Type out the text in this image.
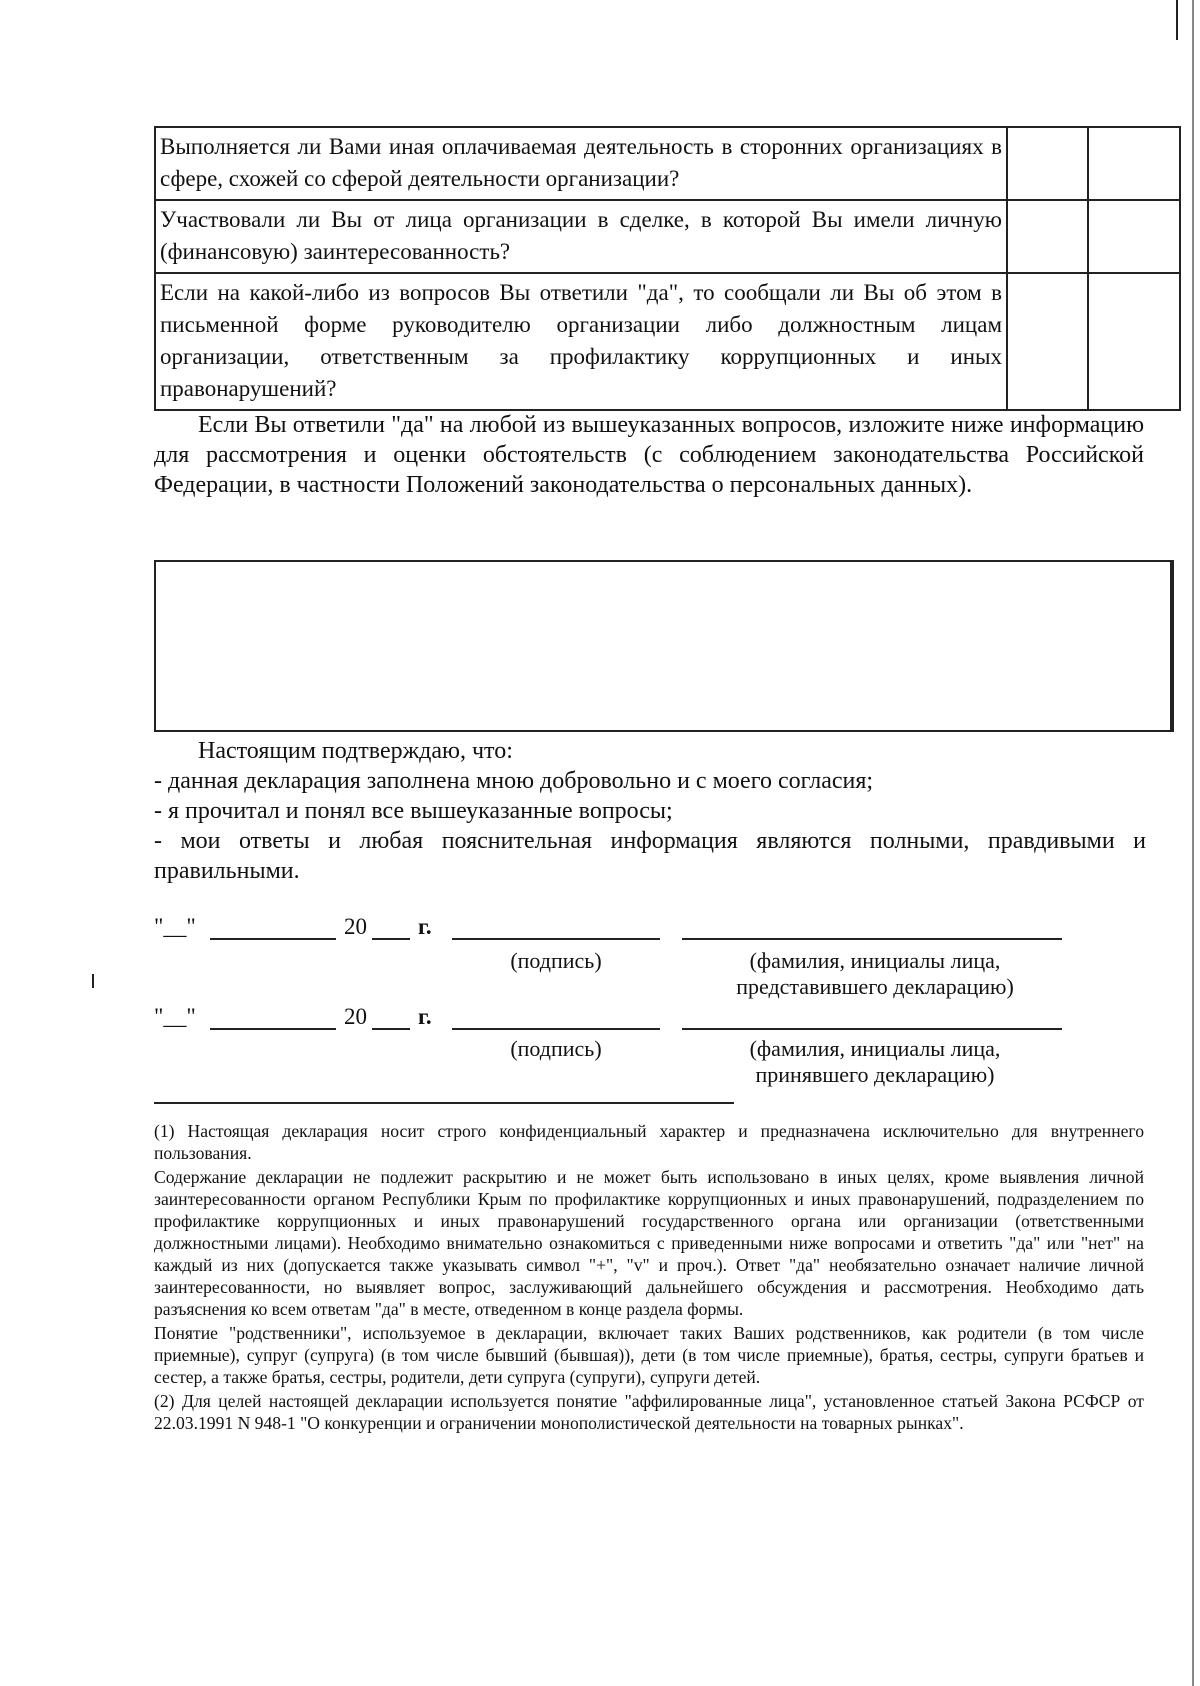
Выполняется ли Вами иная оплачиваемая деятельность в сторонних организациях в сфере, схожей со сферой деятельности организации?		
Участвовали ли Вы от лица организации в сделке, в которой Вы имели личную (финансовую) заинтересованность?		
Если на какой-либо из вопросов Вы ответили "да", то сообщали ли Вы об этом в письменной форме руководителю организации либо должностным лицам организации, ответственным за профилактику коррупционных и иных правонарушений?		

Если Вы ответили "да" на любой из вышеуказанных вопросов, изложите ниже информацию для рассмотрения и оценки обстоятельств (с соблюдением законодательства Российской Федерации, в частности Положений законодательства о персональных данных).

Настоящим подтверждаю, что:
- данная декларация заполнена мною добровольно и с моего согласия;
- я прочитал и понял все вышеуказанные вопросы;
- мои ответы и любая пояснительная информация являются полными, правдивыми и правильными.
"__"	20 г.
(подпись)	(фамилия, инициалы лица,
представившего декларацию)
"__"	20 г.
(подпись)	(фамилия, инициалы лица,
принявшего декларацию)

(1) Настоящая декларация носит строго конфиденциальный характер и предназначена исключительно для внутреннего пользования.

Содержание декларации не подлежит раскрытию и не может быть использовано в иных целях, кроме выявления личной заинтересованности органом Республики Крым по профилактике коррупционных и иных правонарушений, подразделением по профилактике коррупционных и иных правонарушений государственного органа или организации (ответственными должностными лицами). Необходимо внимательно ознакомиться с приведенными ниже вопросами и ответить "да" или "нет" на каждый из них (допускается также указывать символ "+", "v" и проч.). Ответ "да" необязательно означает наличие личной заинтересованности, но выявляет вопрос, заслуживающий дальнейшего обсуждения и рассмотрения. Необходимо дать разъяснения ко всем ответам "да" в месте, отведенном в конце раздела формы.

Понятие "родственники", используемое в декларации, включает таких Ваших родственников, как родители (в том числе приемные), супруг (супруга) (в том числе бывший (бывшая)), дети (в том числе приемные), братья, сестры, супруги братьев и сестер, а также братья, сестры, родители, дети супруга (супруги), супруги детей.

(2) Для целей настоящей декларации используется понятие "аффилированные лица", установленное статьей Закона РСФСР от 22.03.1991 N 948-1 "О конкуренции и ограничении монополистической деятельности на товарных рынках".
